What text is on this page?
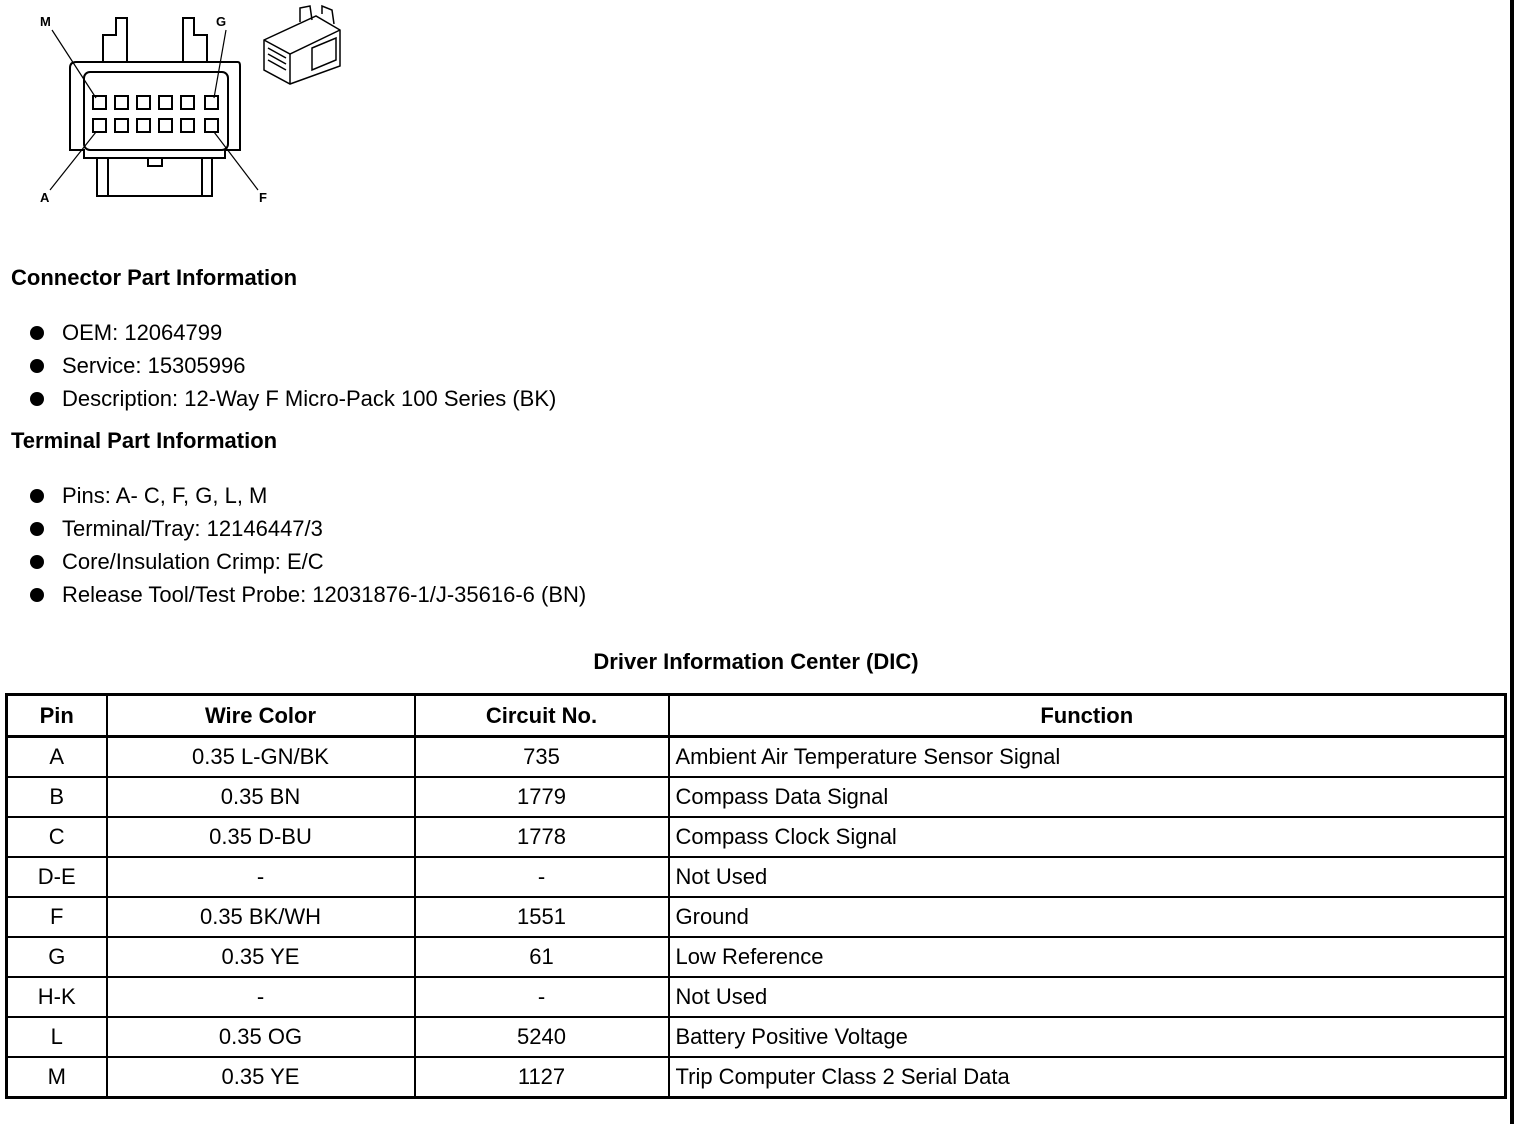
M	G
A	F
Connector Part Information
OEM: 12064799
Service: 15305996
Description: 12-Way F Micro-Pack 100 Series (BK)
Terminal Part Information
Pins: A- C, F, G, L, M
Terminal/Tray: 12146447/3
Core/Insulation Crimp: E/C
Release Tool/Test Probe: 12031876-1/J-35616-6 (BN)
Driver Information Center (DIC)
Pin	Wire Color	Circuit No.	Function
A	0.35 L-GN/BK	735	Ambient Air Temperature Sensor Signal
B	0.35 BN	1779	Compass Data Signal
C	0.35 D-BU	1778	Compass Clock Signal
D-E	-	-	Not Used
F	0.35 BK/WH	1551	Ground
G	0.35 YE	61	Low Reference
H-K	-	-	Not Used
L	0.35 OG	5240	Battery Positive Voltage
M	0.35 YE	1127	Trip Computer Class 2 Serial Data
